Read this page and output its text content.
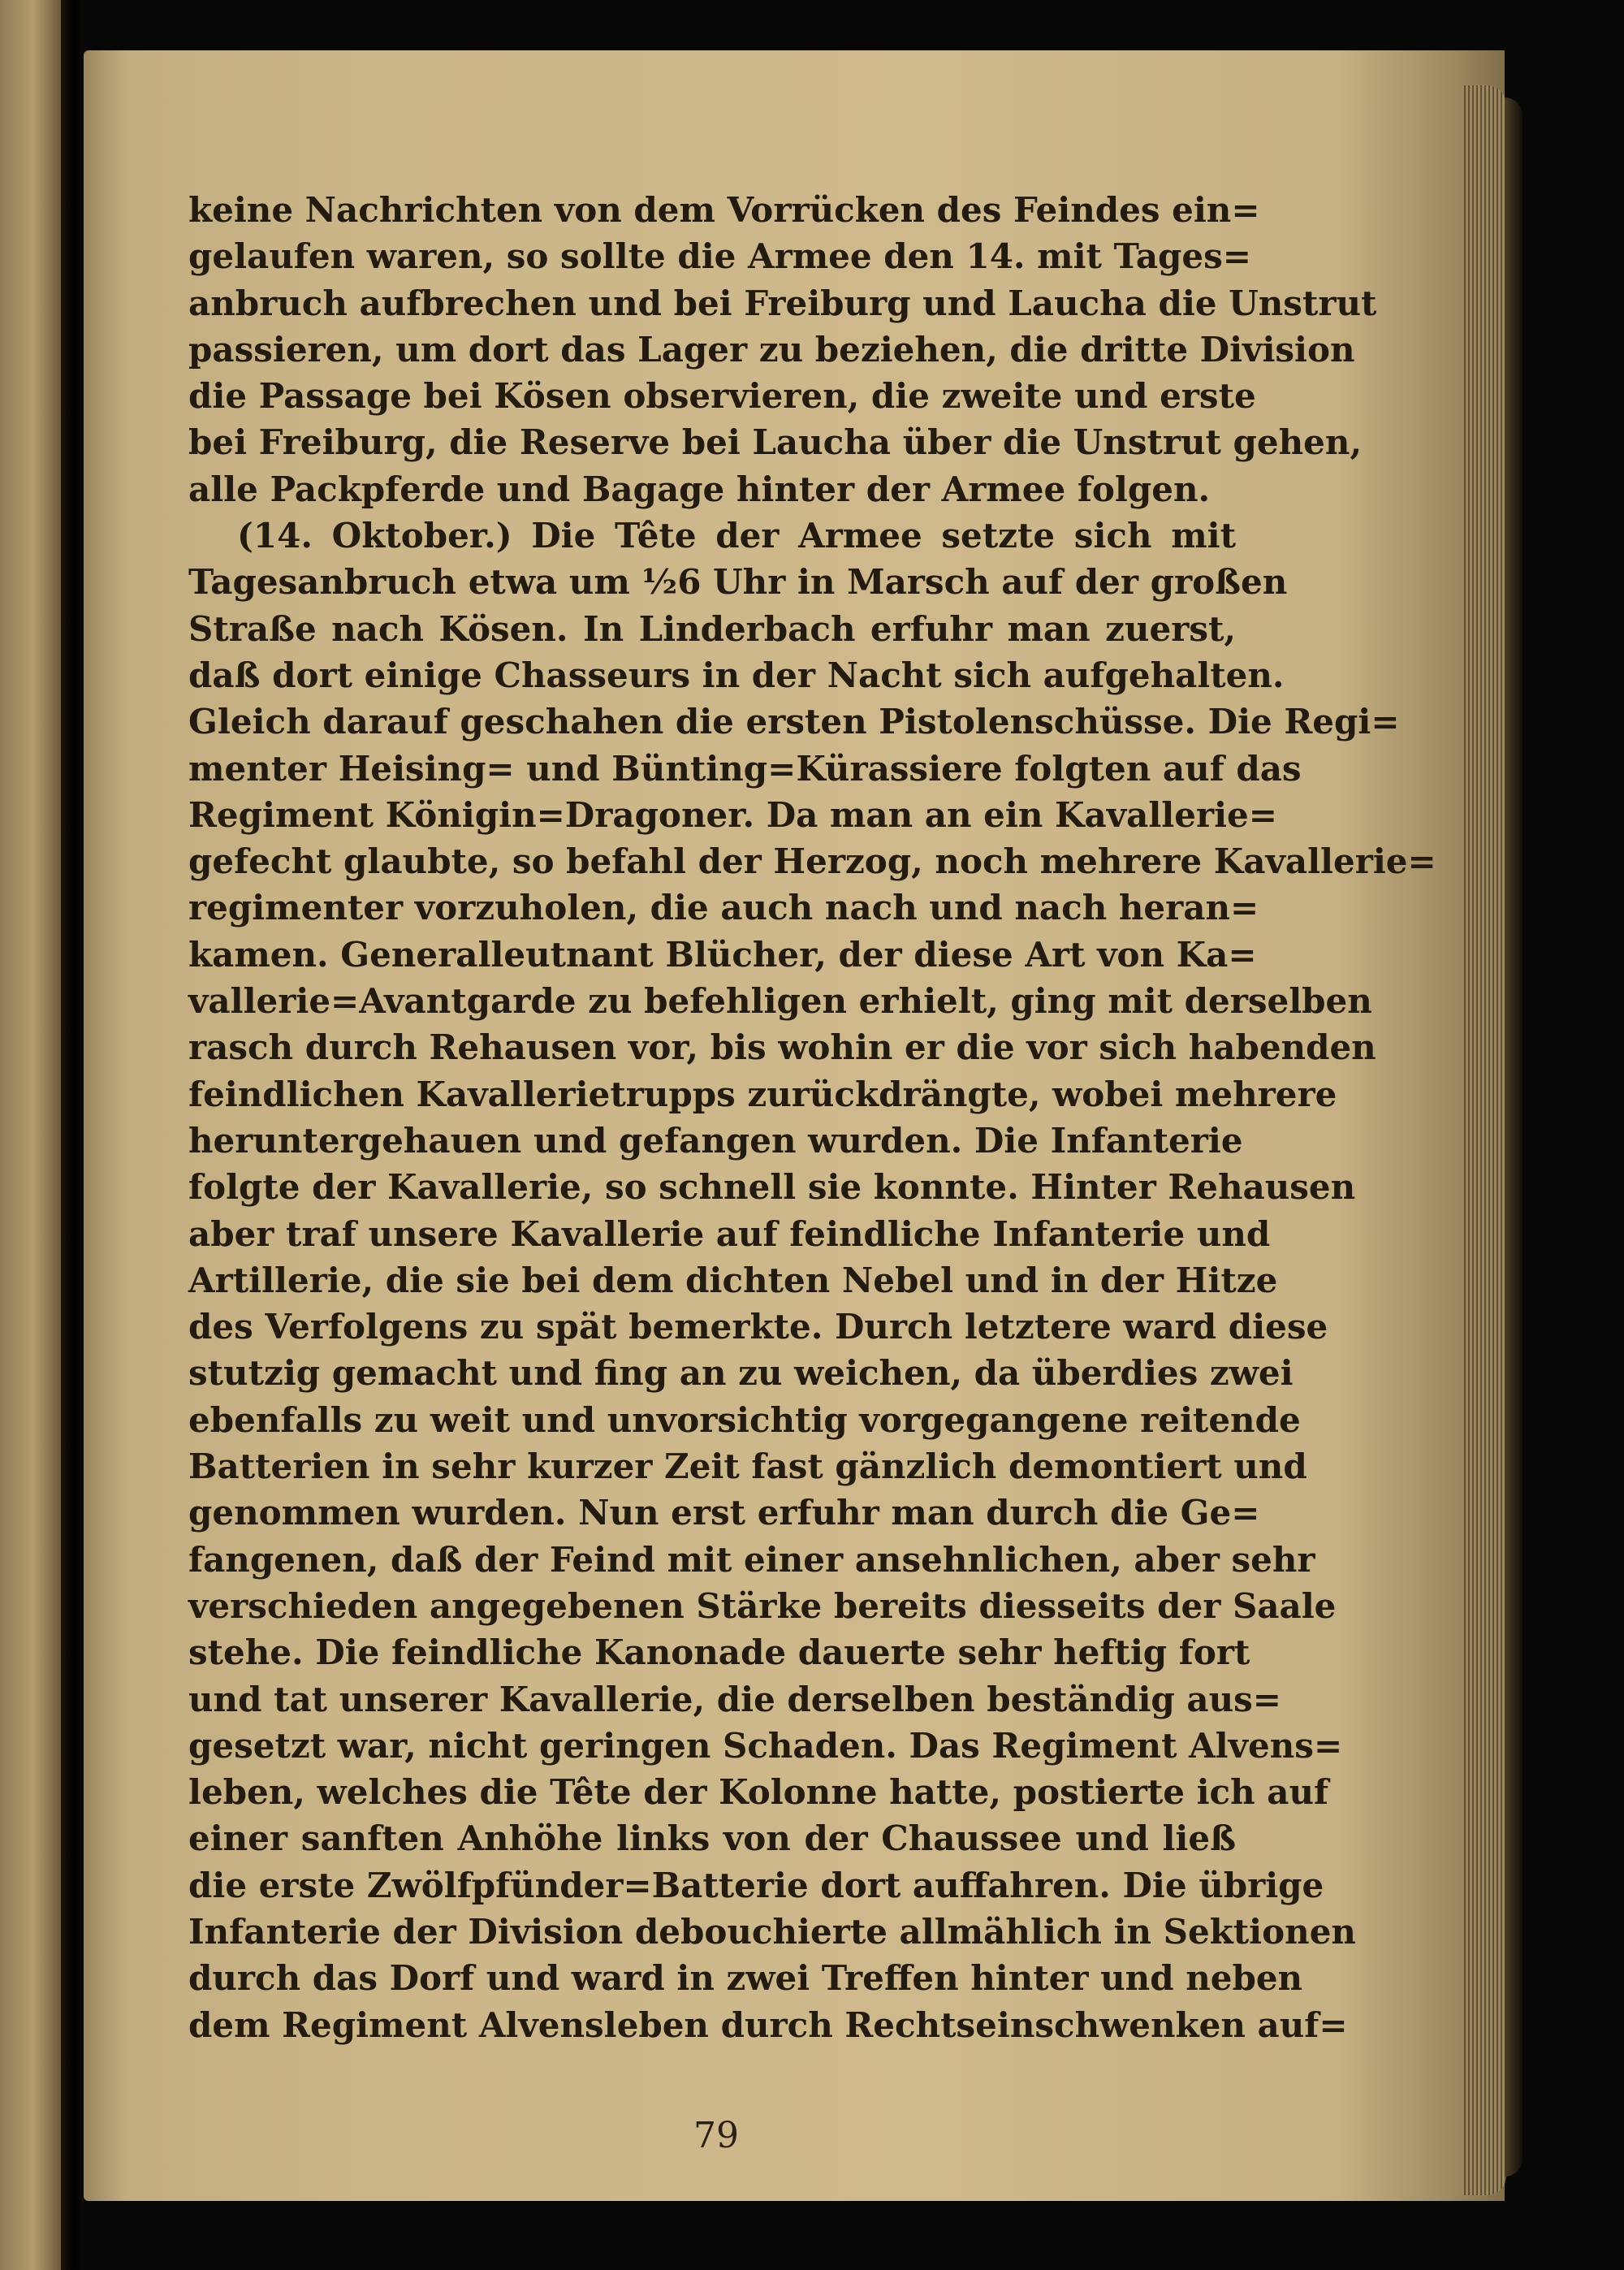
keine Nachrichten von dem Vorrücken des Feindes ein=
gelaufen waren, so sollte die Armee den 14. mit Tages=
anbruch aufbrechen und bei Freiburg und Laucha die Unstrut
passieren, um dort das Lager zu beziehen, die dritte Division
die Passage bei Kösen observieren, die zweite und erste
bei Freiburg, die Reserve bei Laucha über die Unstrut gehen,
alle Packpferde und Bagage hinter der Armee folgen.
(14. Oktober.) Die Tête der Armee setzte sich mit
Tagesanbruch etwa um ½6 Uhr in Marsch auf der großen
Straße nach Kösen. In Linderbach erfuhr man zuerst,
daß dort einige Chasseurs in der Nacht sich aufgehalten.
Gleich darauf geschahen die ersten Pistolenschüsse. Die Regi=
menter Heising= und Bünting=Kürassiere folgten auf das
Regiment Königin=Dragoner. Da man an ein Kavallerie=
gefecht glaubte, so befahl der Herzog, noch mehrere Kavallerie=
regimenter vorzuholen, die auch nach und nach heran=
kamen. Generalleutnant Blücher, der diese Art von Ka=
vallerie=Avantgarde zu befehligen erhielt, ging mit derselben
rasch durch Rehausen vor, bis wohin er die vor sich habenden
feindlichen Kavallerietrupps zurückdrängte, wobei mehrere
heruntergehauen und gefangen wurden. Die Infanterie
folgte der Kavallerie, so schnell sie konnte. Hinter Rehausen
aber traf unsere Kavallerie auf feindliche Infanterie und
Artillerie, die sie bei dem dichten Nebel und in der Hitze
des Verfolgens zu spät bemerkte. Durch letztere ward diese
stutzig gemacht und fing an zu weichen, da überdies zwei
ebenfalls zu weit und unvorsichtig vorgegangene reitende
Batterien in sehr kurzer Zeit fast gänzlich demontiert und
genommen wurden. Nun erst erfuhr man durch die Ge=
fangenen, daß der Feind mit einer ansehnlichen, aber sehr
verschieden angegebenen Stärke bereits diesseits der Saale
stehe. Die feindliche Kanonade dauerte sehr heftig fort
und tat unserer Kavallerie, die derselben beständig aus=
gesetzt war, nicht geringen Schaden. Das Regiment Alvens=
leben, welches die Tête der Kolonne hatte, postierte ich auf
einer sanften Anhöhe links von der Chaussee und ließ
die erste Zwölfpfünder=Batterie dort auffahren. Die übrige
Infanterie der Division debouchierte allmählich in Sektionen
durch das Dorf und ward in zwei Treffen hinter und neben
dem Regiment Alvensleben durch Rechtseinschwenken auf=
79
